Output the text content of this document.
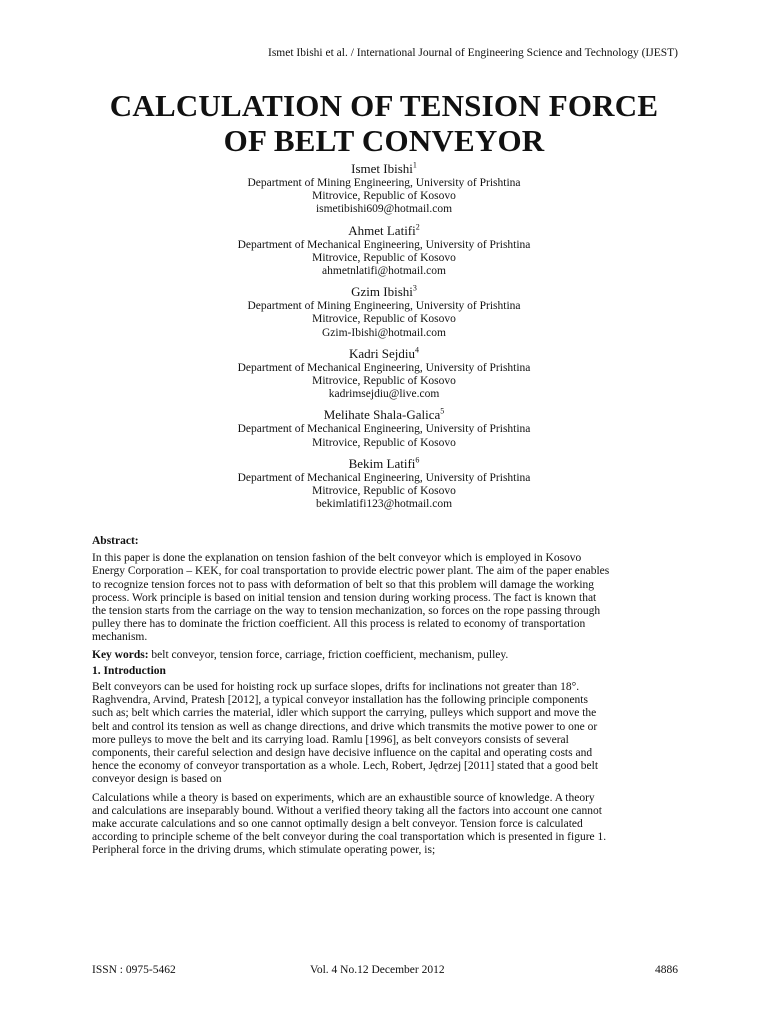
Ismet Ibishi et al. / International Journal of Engineering Science and Technology (IJEST)
CALCULATION OF TENSION FORCE
OF BELT CONVEYOR
Ismet Ibishi$^1$
Department of Mining Engineering, University of Prishtina
Mitrovice, Republic of Kosovo
ismetibishi609@hotmail.com
Ahmet Latifi$^2$
Department of Mechanical Engineering, University of Prishtina
Mitrovice, Republic of Kosovo
ahmetnlatifi@hotmail.com
Gzim Ibishi$^3$
Department of Mining Engineering, University of Prishtina
Mitrovice, Republic of Kosovo
Gzim-Ibishi@hotmail.com
Kadri Sejdiu$^4$
Department of Mechanical Engineering, University of Prishtina
Mitrovice, Republic of Kosovo
kadrimsejdiu@live.com
Melihate Shala-Galica$^5$
Department of Mechanical Engineering, University of Prishtina
Mitrovice, Republic of Kosovo
Bekim Latifi$^6$
Department of Mechanical Engineering, University of Prishtina
Mitrovice, Republic of Kosovo
bekimlatifi123@hotmail.com
Abstract:

In this paper is done the explanation on tension fashion of the belt conveyor which is employed in Kosovo
Energy Corporation – KEK, for coal transportation to provide electric power plant. The aim of the paper enables
to recognize tension forces not to pass with deformation of belt so that this problem will damage the working
process. Work principle is based on initial tension and tension during working process. The fact is known that
the tension starts from the carriage on the way to tension mechanization, so forces on the rope passing through
pulley there has to dominate the friction coefficient. All this process is related to economy of transportation
mechanism.

Key words: belt conveyor, tension force, carriage, friction coefficient, mechanism, pulley.
1. Introduction

Belt conveyors can be used for hoisting rock up surface slopes, drifts for inclinations not greater than 18°.
Raghvendra, Arvind, Pratesh [2012], a typical conveyor installation has the following principle components
such as; belt which carries the material, idler which support the carrying, pulleys which support and move the
belt and control its tension as well as change directions, and drive which transmits the motive power to one or
more pulleys to move the belt and its carrying load. Ramlu [1996], as belt conveyors consists of several
components, their careful selection and design have decisive influence on the capital and operating costs and
hence the economy of conveyor transportation as a whole. Lech, Robert, Jędrzej [2011] stated that a good belt
conveyor design is based on

Calculations while a theory is based on experiments, which are an exhaustible source of knowledge. A theory
and calculations are inseparably bound. Without a verified theory taking all the factors into account one cannot
make accurate calculations and so one cannot optimally design a belt conveyor. Tension force is calculated
according to principle scheme of the belt conveyor during the coal transportation which is presented in figure 1.
Peripheral force in the driving drums, which stimulate operating power, is;

ISSN : 0975-5462	Vol. 4 No.12 December 2012	4886
